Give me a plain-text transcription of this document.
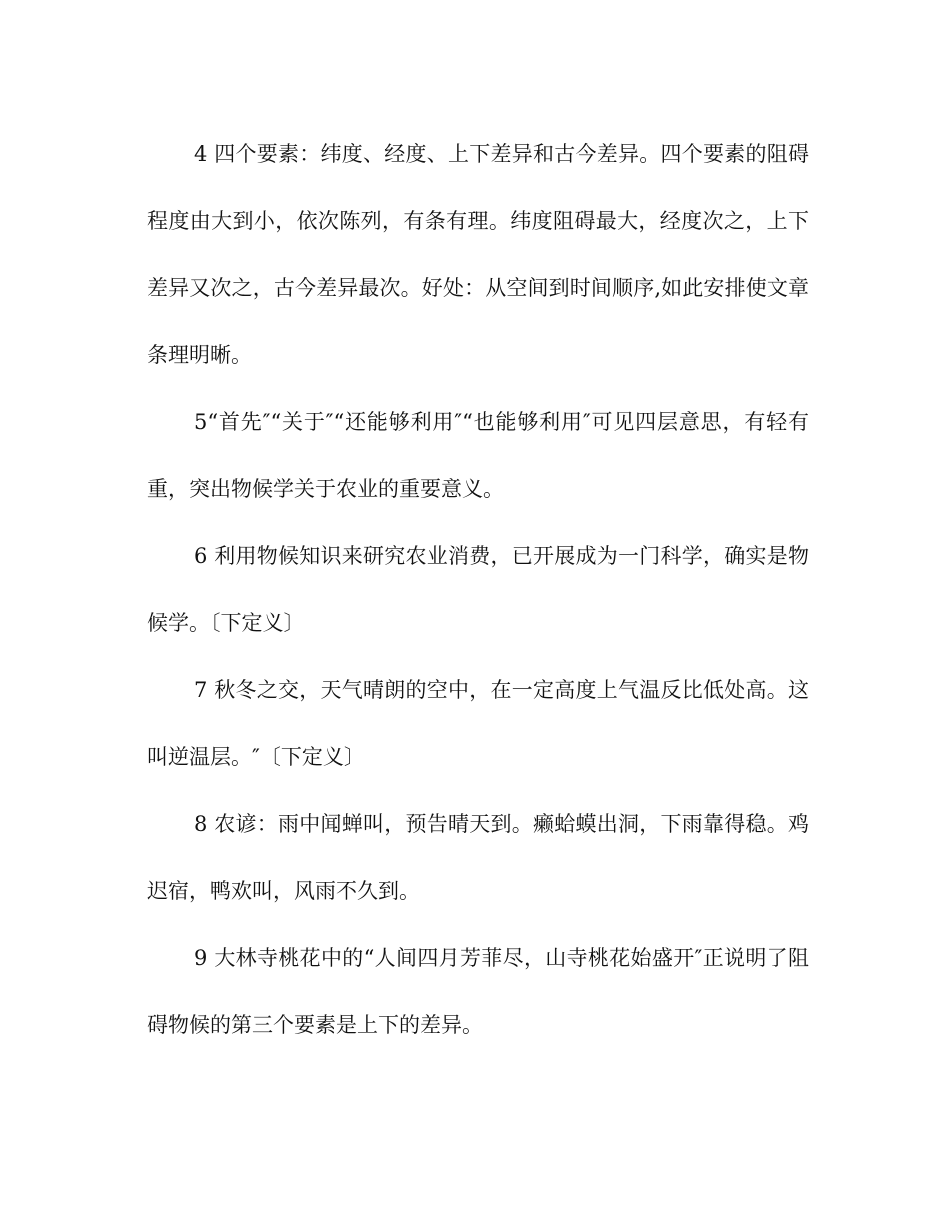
4 四个要素：纬度、经度、上下差异和古今差异。四个要素的阻碍程度由大到小，依次陈列，有条有理。纬度阻碍最大，经度次之，上下差异又次之，古今差异最次。好处：从空间到时间顺序,如此安排使文章条理明晰。

5“首先″“关于″“还能够利用″“也能够利用″可见四层意思，有轻有重，突出物候学关于农业的重要意义。

6 利用物候知识来研究农业消费，已开展成为一门科学，确实是物候学。〔下定义〕

7 秋冬之交，天气晴朗的空中，在一定高度上气温反比低处高。这叫逆温层。″〔下定义〕

8 农谚：雨中闻蝉叫，预告晴天到。癞蛤蟆出洞，下雨靠得稳。鸡迟宿，鸭欢叫，风雨不久到。

9 大林寺桃花中的“人间四月芳菲尽，山寺桃花始盛开″正说明了阻碍物候的第三个要素是上下的差异。
